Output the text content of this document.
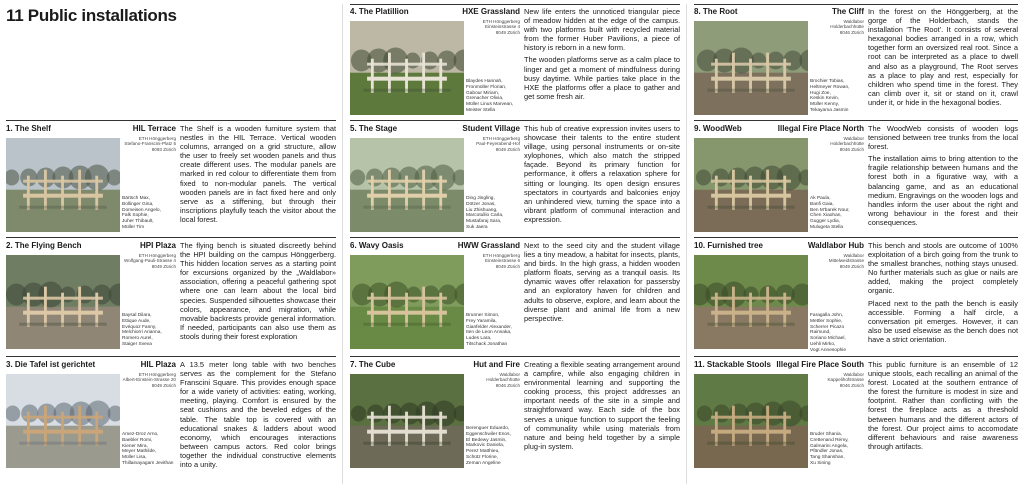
11 Public installations
1. The Shelf	HIL Terrace
ETH Hönggerberg
Stefano-Franscini-Platz 5
8093 Zürich
Bärtsch Max,
Bollinger Gina,
Domeisen Angelo,
Falk Sophie,
Juher Thibault,
Müller Tim

The Shelf is a wooden furniture system that nestles in the HIL Terrace. Vertical wooden columns, arranged on a grid structure, allow the user to freely set wooden panels and thus create different uses. The modular panels are marked in red colour to differentiate them from fixed to non-modular panels. The vertical wooden panels are in fact fixed here and only serve as a stiffening, but through their inscriptions playfully teach the visitor about the local forest.

2. The Flying Bench	HPI Plaza
ETH Hönggerberg
Wolfgang-Pauli-Strasse 4
8049 Zürich
Baysal Dilara,
Ettique Aude,
Evéquoz Fanny,
Melchiorri Arianna,
Romero Aurel,
Staiger Sveva

The flying bench is situated discreetly behind the HPI building on the campus Hönggerberg. This hidden location serves as a starting point for excursions organized by the „Waldlabor» association, offering a peaceful gathering spot where one can learn about the local bird species. Suspended silhouettes showcase their colors, appearance, and migration, while movable backrests provide general information. If needed, participants can also use them as stools during their forest exploration

3. Die Tafel ist gerichtet	HIL Plaza
ETH Hönggerberg
Albert-Einstein-Strasse 20
8049 Zürich
Amez-Droz Arno,
Baebler Romi,
Kiener Mira,
Meyer Mathilde,
Müller Lisa,
Thillainayagam Jevithan

A 13.5 meter long table with two benches serves as the complement for the Stefano Franscini Square. This provides enough space for a wide variety of activities: eating, working, meeting, playing. Comfort is ensured by the seat cushions and the beveled edges of the table. The table top is covered with an educational snakes & ladders about wood economy, which encourages interactions between campus actors. Red color brings together the individual constructive elements into a unity.

4. The Platillion	HXE Grassland
ETH Hönggerberg
Einsteinstrasse 4
8049 Zürich
Blaydes Hannah,
Fronmüller Florian,
Gabour Miriam,
Grenacher Olivia,
Müller Linus Marvean,
Meister Stella

New life enters the unnoticed triangular piece of meadow hidden at the edge of the campus. with two platforms built with recycled material from the former Huber Pavilions, a piece of history is reborn in a new form.

The wooden platforms serve as a calm place to linger and get a moment of mindfulness during busy daytime. While parties take place in the HXE the platforms offer a place to gather and get some fresh air.

5. The Stage	Student Village
ETH Hönggerberg
Paul-Feyerabend-Hof
8049 Zürich
Ding Jingling,
Dötzer Jonas,
Liu Zhishuang,
Marcotullio Carla,
Mustafaraj Sara,
Suk Jaera

This hub of creative expression invites users to showcase their talents to the entire student village, using personal instruments or on-site xylophones, which also match the stripped façade. Beyond its primary function for performance, it offers a relaxation sphere for sitting or lounging. Its open design ensures spectators in courtyards and balconies enjoy an unhindered view, turning the space into a vibrant platform of communal interaction and expression.

6. Wavy Oasis	HWW Grassland
ETH Hönggerberg
Einsteinstrasse 6
8049 Zürich
Brunner Simon,
Frey Yaramila,
Gianfelder Alexander,
Iten de Leon Annaka,
Ludes Lara,
Titschack Jonathan

Next to the seed city and the student village lies a tiny meadow, a habitat for insects, plants, and birds. In the high grass, a hidden wooden platform floats, serving as a tranquil oasis. Its dynamic waves offer relaxation for passersby and an exploratory haven for children and adults to observe, explore, and learn about the diverse plant and animal life from a new perspective.

7. The Cube	Hut and Fire
Waldlabor
Holderbachhütte
8046 Zürich
Berenguer Eduardo,
Eggenschwiler Enos,
El Bedewy Jasmin,
Markovic Daniela,
Perez Matthieu,
Schütz Florine,
Zeman Angeline

Creating a flexible seating arrangement around a campfire, while also engaging children in environmental learning and supporting the cooking process, this project addresses an important needs of the site in a simple and straightforward way. Each side of the box serves a unique function to support the feeling of communality while using materials from nature and being held together by a simple plug-in system.

8. The Root	The Cliff
Waldlabor
Holderbachhütte
8046 Zürich
Brochier Tobias,
Heltmeyer Rowan,
Hugi Zoe,
Keskin Kevin,
Müller Kenny,
Tekayama Jasmin

In the forest on the Hönggerberg, at the gorge of the Holderbach, stands the installation 'The Root'. It consists of several hexagonal bodies arranged in a row, which together form an oversized real root. Since a root can be interpreted as a place to dwell and also as a playground, The Root serves as a place to play and rest, especially for children who spend time in the forest. They can climb over it, sit or stand on it, crawl under it, or hide in the hexagonal bodies.

9. WoodWeb	Illegal Fire Place North
Waldlabor
Holderbachhütte
8046 Zürich
Ak Paula,
Banfi Gaia,
Ben M'barek Nour,
Chen Xiaohan,
Gugger Lydia,
Mulugeta Stella

The WoodWeb consists of wooden logs tensioned between tree trunks from the local forest.

The installation aims to bring attention to the fragile relationship between humans and the forest both in a figurative way, with a balancing game, and as an educational medium. Engravings on the wooden logs and handles inform the user about the right and wrong behaviour in the forest and their consequences.

10. Furnished tree	Waldlabor Hub
Waldlabor
Mittelweidstrasse
8049 Zürich
Faragalla John,
Mettler Sophie,
Scherrer Picazo Raimund,
Soriano Michael,
Uehli Mirko,
Vogt Annesophie

This bench and stools are outcome of 100% exploitation of a birch going from the trunk to the smallest branches, nothing stays unused. No further materials such as glue or nails are added, making the project completely organic.

Placed next to the path the bench is easily accessible. Forming a half circle, a conversation pit emerges. However, it can also be used elsewise as the bench does not have a strict orientation.

11. Stackable Stools Illegal Fire Place South
Waldlabor
Kappelihofstrasse
8046 Zürich
Bruder Shania,
Crettenand Rémy,
Galmarini Angela,
Pfändler Jonas,
Tang Shanshan,
Xu Sining

This public furniture is an ensemble of 12 unique stools, each recalling an animal of the forest. Located at the southern entrance of the forest the furniture is modest in size and footprint. Rather than conflicting with the forest the fireplace acts as a threshold between humans and the different actors of the forest. Our project aims to accomodate different behaviours and raise awareness through artifacts.
